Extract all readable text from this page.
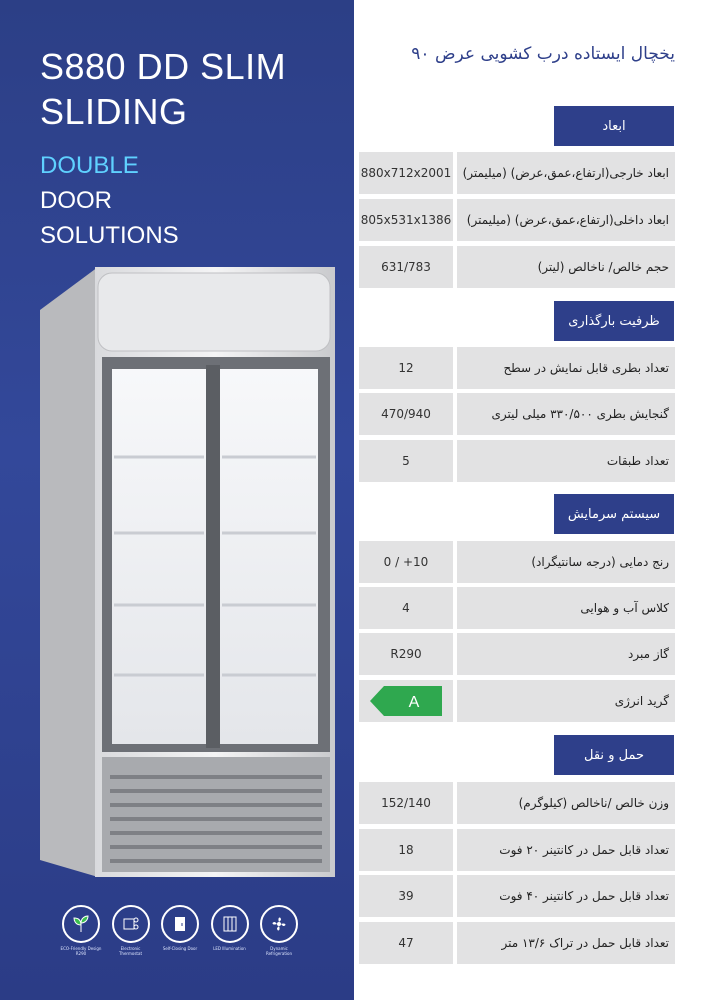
S880 DD SLIM
SLIDING
DOUBLE
DOOR
SOLUTIONS
ECO-Friendly Design R290
Electronic Thermostat
Self-Closing Door	LED Illumination	Dynamic Refrigeration
یخچال ایستاده درب کشویی عرض ۹۰
ابعاد
880x712x2001 ابعاد خارجی(ارتفاع،عمق،عرض) (میلیمتر)
805x531x1386	ابعاد داخلی(ارتفاع،عمق،عرض) (میلیمتر)
631/783	حجم خالص/ ناخالص (لیتر)
ظرفیت بارگذاری
12	تعداد بطری قابل نمایش در سطح
470/940	گنجایش بطری ۳۳۰/۵۰۰ میلی لیتری
5	تعداد طبقات
سیستم سرمایش
0 / +10	رنج دمایی (درجه سانتیگراد)
4	کلاس آب و هوایی
R290	گاز مبرد
A	گرید انرژی
حمل و نقل
152/140	وزن خالص /ناخالص (کیلوگرم)
18	تعداد قابل حمل در کانتینر ۲۰ فوت
39	تعداد قابل حمل در کانتینر ۴۰ فوت
47	تعداد قابل حمل در تراک ۱۳/۶ متر
